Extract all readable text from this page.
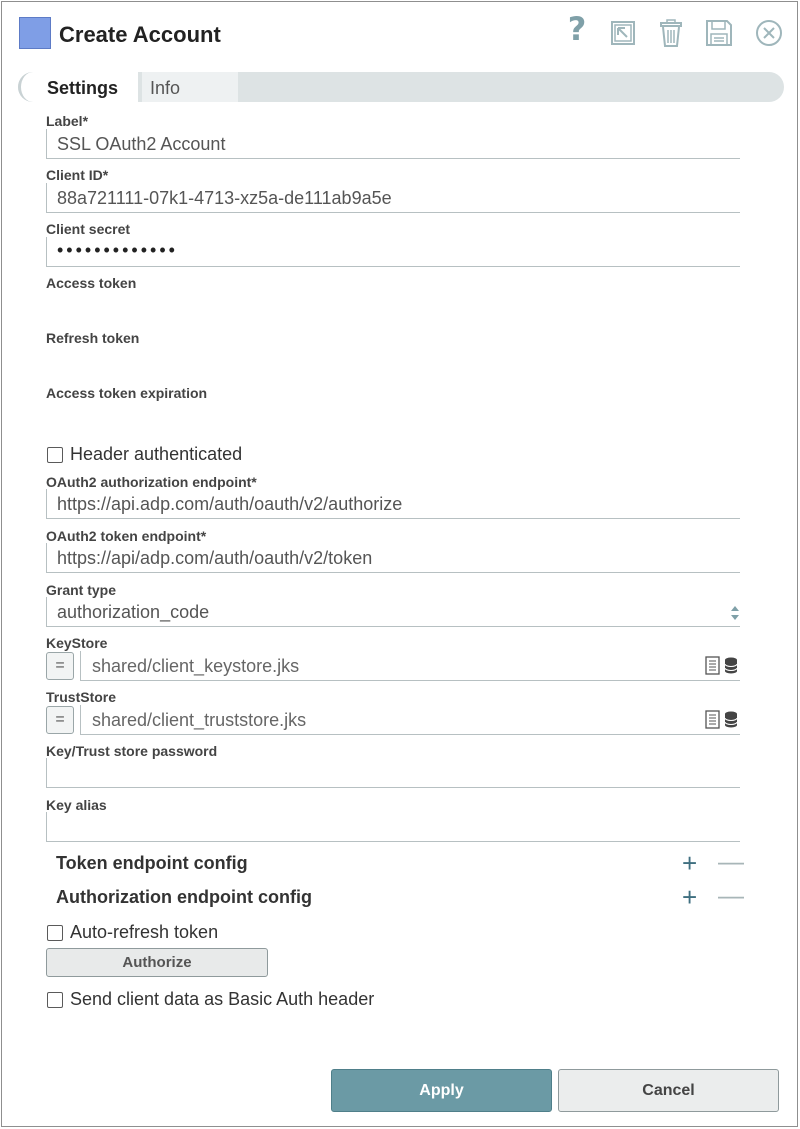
Create Account	?
Settings	Info
Label*
SSL OAuth2 Account
Client ID*
88a721111-07k1-4713-xz5a-de111ab9a5e
Client secret
•••••••••••••
Access token
Refresh token
Access token expiration
Header authenticated
OAuth2 authorization endpoint*
https://api.adp.com/auth/oauth/v2/authorize
OAuth2 token endpoint*
https://api/adp.com/auth/oauth/v2/token
Grant type
authorization_code
KeyStore
=	shared/client_keystore.jks
TrustStore
=	shared/client_truststore.jks
Key/Trust store password
Key alias
Token endpoint config	+ —
Authorization endpoint config	+ —
Auto-refresh token
Authorize
Send client data as Basic Auth header
Apply	Cancel
